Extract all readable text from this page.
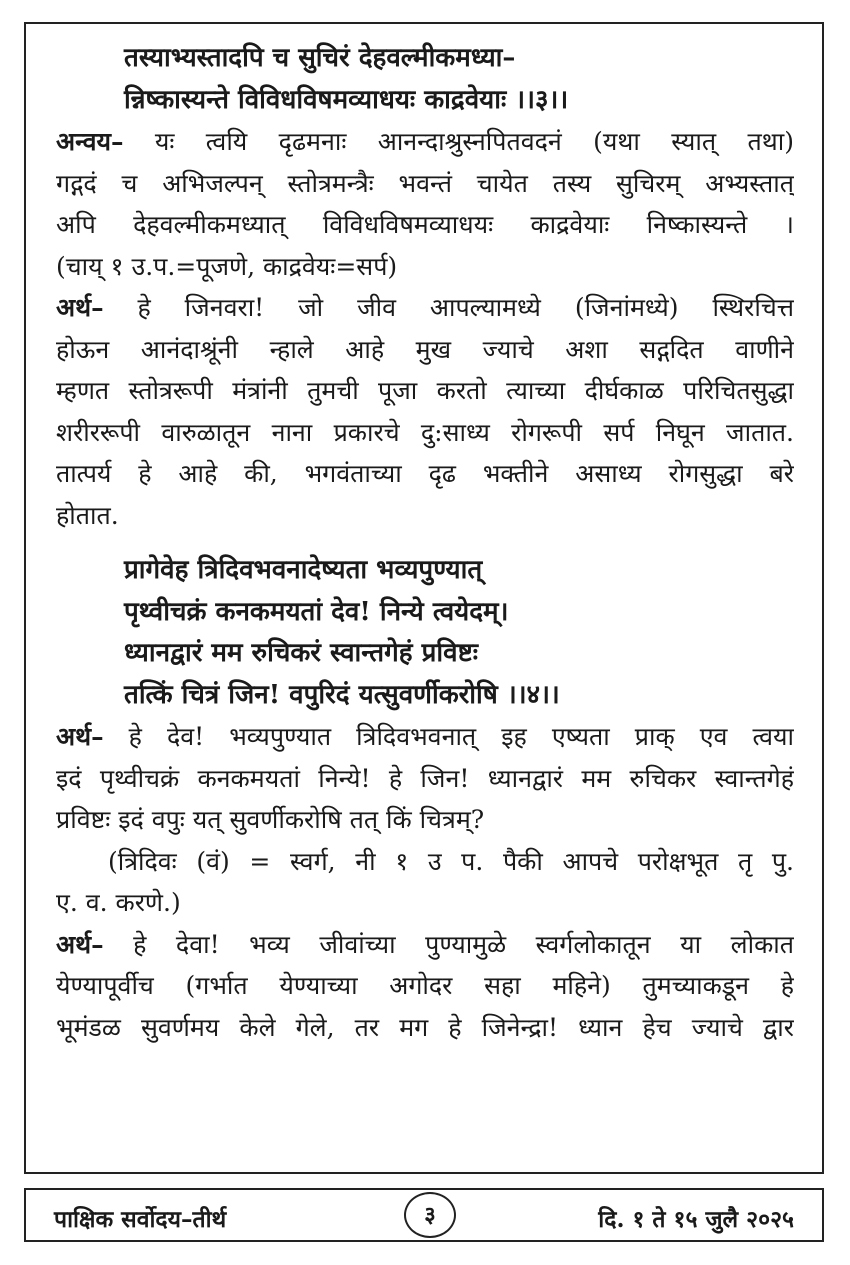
तस्याभ्यस्तादपि च सुचिरं देहवल्मीकमध्या–
न्निष्कास्यन्ते विविधविषमव्याधयः काद्रवेयाः ।।३।।
अन्वय– यः त्वयि दृढमनाः आनन्दाश्रुस्नपितवदनं (यथा स्यात् तथा)
गद्गदं च अभिजल्पन् स्तोत्रमन्त्रैः भवन्तं चायेत तस्य सुचिरम् अभ्यस्तात्
अपि देहवल्मीकमध्यात् विविधविषमव्याधयः काद्रवेयाः निष्कास्यन्ते ।
(चाय् १ उ.प.=पूजणे, काद्रवेयः=सर्प)
अर्थ– हे जिनवरा! जो जीव आपल्यामध्ये (जिनांमध्ये) स्थिरचित्त
होऊन आनंदाश्रूंनी न्हाले आहे मुख ज्याचे अशा सद्गदित वाणीने
म्हणत स्तोत्ररूपी मंत्रांनी तुमची पूजा करतो त्याच्या दीर्घकाळ परिचितसुद्धा
शरीररूपी वारुळातून नाना प्रकारचे दु:साध्य रोगरूपी सर्प निघून जातात.
तात्पर्य हे आहे की, भगवंताच्या दृढ भक्तीने असाध्य रोगसुद्धा बरे
होतात.
प्रागेवेह त्रिदिवभवनादेष्यता भव्यपुण्यात्
पृथ्वीचक्रं कनकमयतां देव! निन्ये त्वयेदम्।
ध्यानद्वारं मम रुचिकरं स्वान्तगेहं प्रविष्टः
तत्किं चित्रं जिन! वपुरिदं यत्सुवर्णीकरोषि ।।४।।
अर्थ– हे देव! भव्यपुण्यात त्रिदिवभवनात् इह एष्यता प्राक् एव त्वया
इदं पृथ्वीचक्रं कनकमयतां निन्ये! हे जिन! ध्यानद्वारं मम रुचिकर स्वान्तगेहं
प्रविष्टः इदं वपुः यत् सुवर्णीकरोषि तत् किं चित्रम्?
(त्रिदिवः (वं) = स्वर्ग, नी १ उ प. पैकी आपचे परोक्षभूत तृ पु.
ए. व. करणे.)
अर्थ– हे देवा! भव्य जीवांच्या पुण्यामुळे स्वर्गलोकातून या लोकात
येण्यापूर्वीच (गर्भात येण्याच्या अगोदर सहा महिने) तुमच्याकडून हे
भूमंडळ सुवर्णमय केले गेले, तर मग हे जिनेन्द्रा! ध्यान हेच ज्याचे द्वार
पाक्षिक सर्वोदय–तीर्थ	३	दि. १ ते १५ जुलै २०२५
